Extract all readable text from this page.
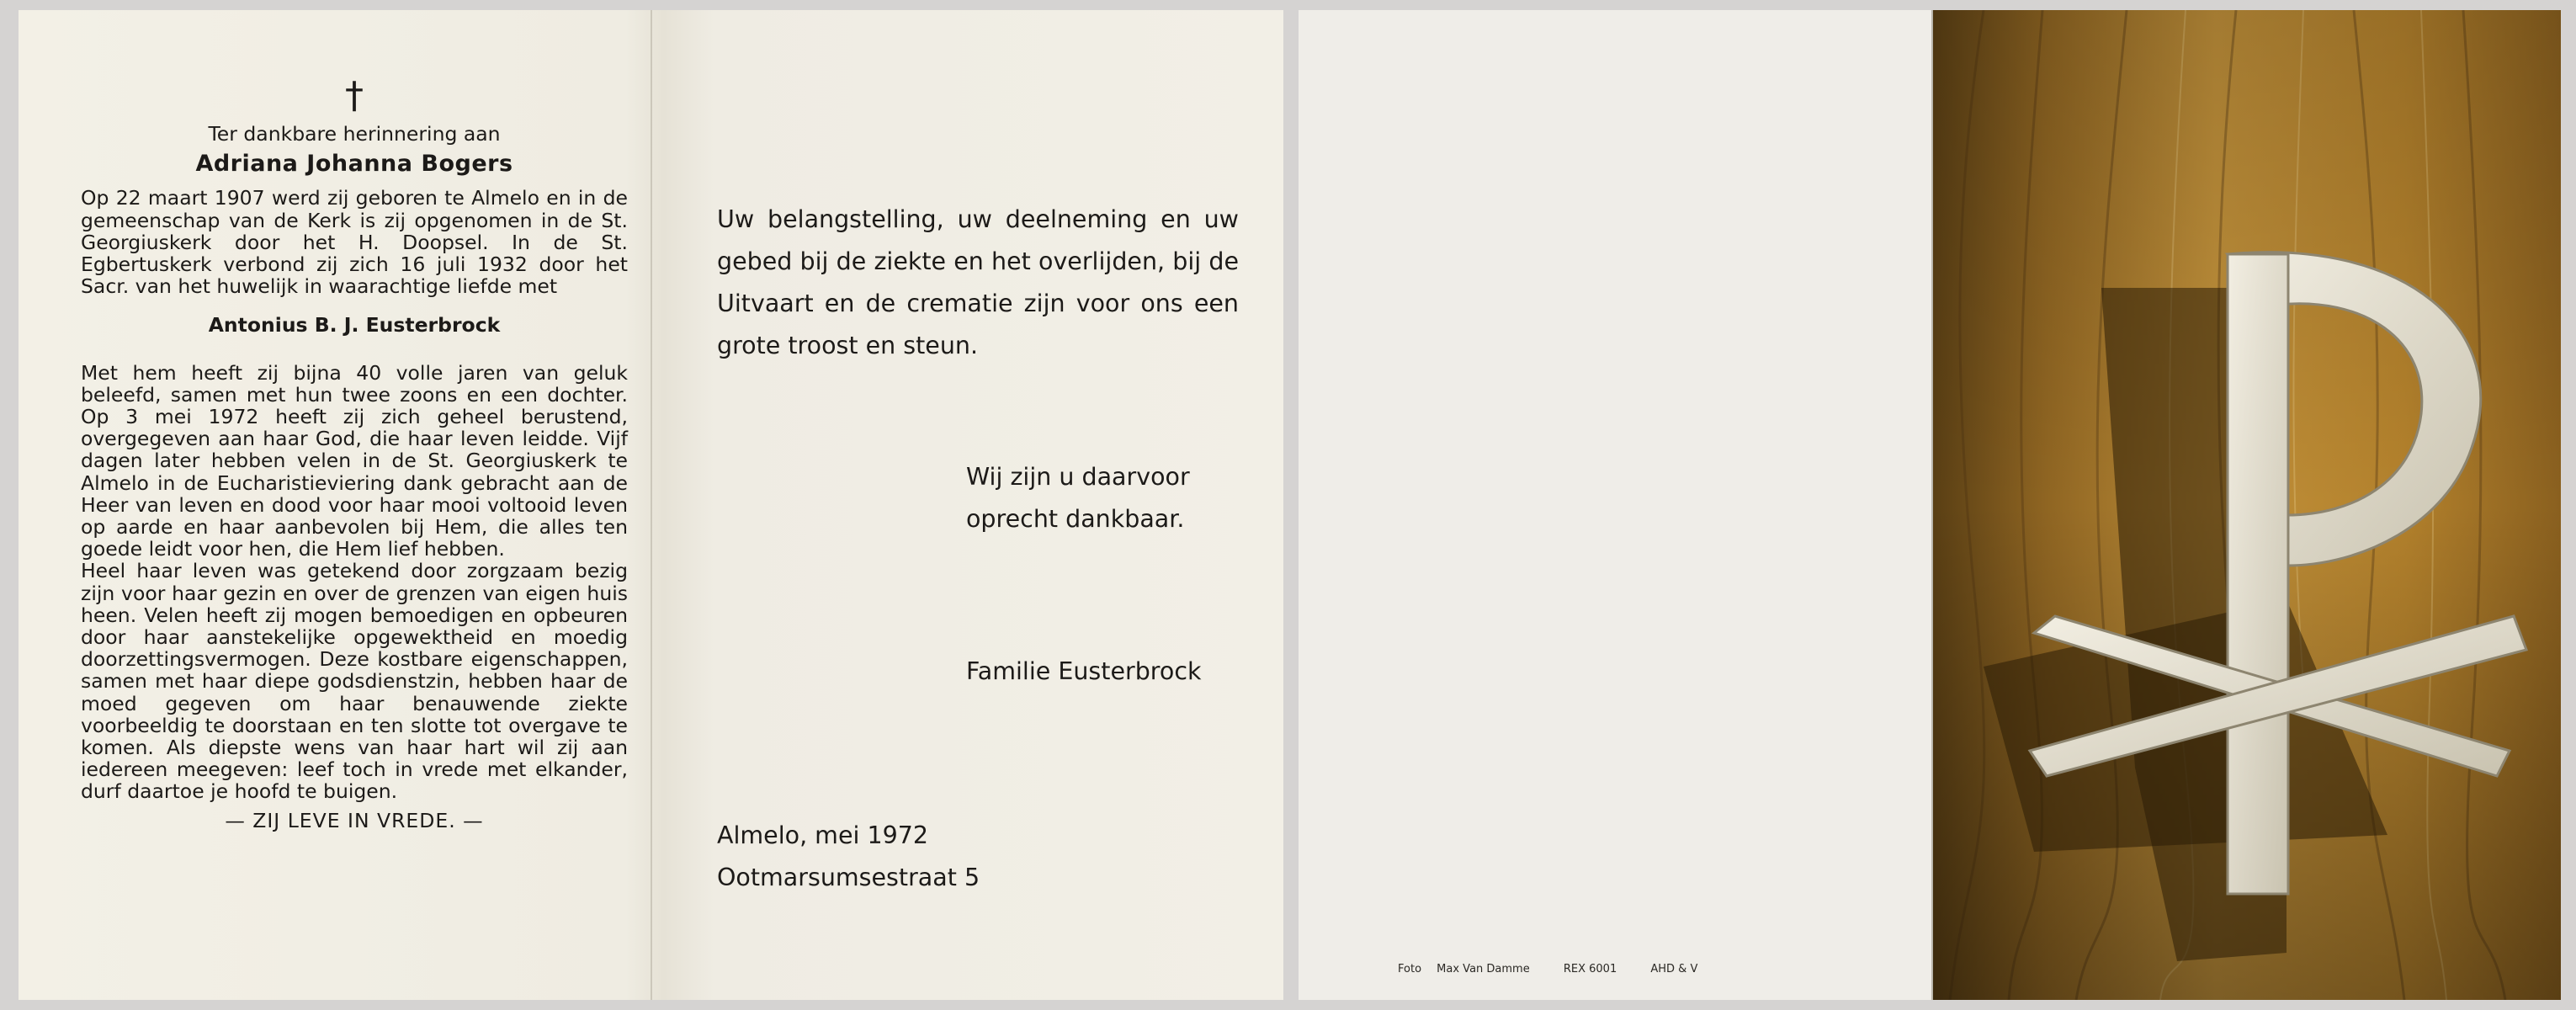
†
Ter dankbare herinnering aan
Adriana Johanna Bogers

Op 22 maart 1907 werd zij geboren te Almelo en in de gemeenschap van de Kerk is zij opgenomen in de St. Georgiuskerk door het H. Doopsel. In de St. Egbertuskerk verbond zij zich 16 juli 1932 door het Sacr. van het huwelijk in waarachtige liefde met

Antonius B. J. Eusterbrock

Met hem heeft zij bijna 40 volle jaren van geluk beleefd, samen met hun twee zoons en een dochter. Op 3 mei 1972 heeft zij zich geheel berustend, overgegeven aan haar God, die haar leven leidde. Vijf dagen later hebben velen in de St. Georgiuskerk te Almelo in de Eucharistieviering dank gebracht aan de Heer van leven en dood voor haar mooi voltooid leven op aarde en haar aanbevolen bij Hem, die alles ten goede leidt voor hen, die Hem lief hebben.

Heel haar leven was getekend door zorgzaam bezig zijn voor haar gezin en over de grenzen van eigen huis heen. Velen heeft zij mogen bemoedigen en opbeuren door haar aanstekelijke opgewektheid en moedig doorzettingsvermogen. Deze kostbare eigenschappen, samen met haar diepe godsdienstzin, hebben haar de moed gegeven om haar benauwende ziekte voorbeeldig te doorstaan en ten slotte tot overgave te komen. Als diepste wens van haar hart wil zij aan iedereen meegeven: leef toch in vrede met elkander, durf daartoe je hoofd te buigen.

— ZIJ LEVE IN VREDE. —

Uw belangstelling, uw deelneming en uw gebed bij de ziekte en het overlijden, bij de Uitvaart en de crematie zijn voor ons een grote troost en steun.

Wij zijn u daarvoor
oprecht dankbaar.

Familie Eusterbrock

Almelo, mei 1972
Ootmarsumsestraat 5
Foto Max Van Damme	REX 6001	AHD & V
